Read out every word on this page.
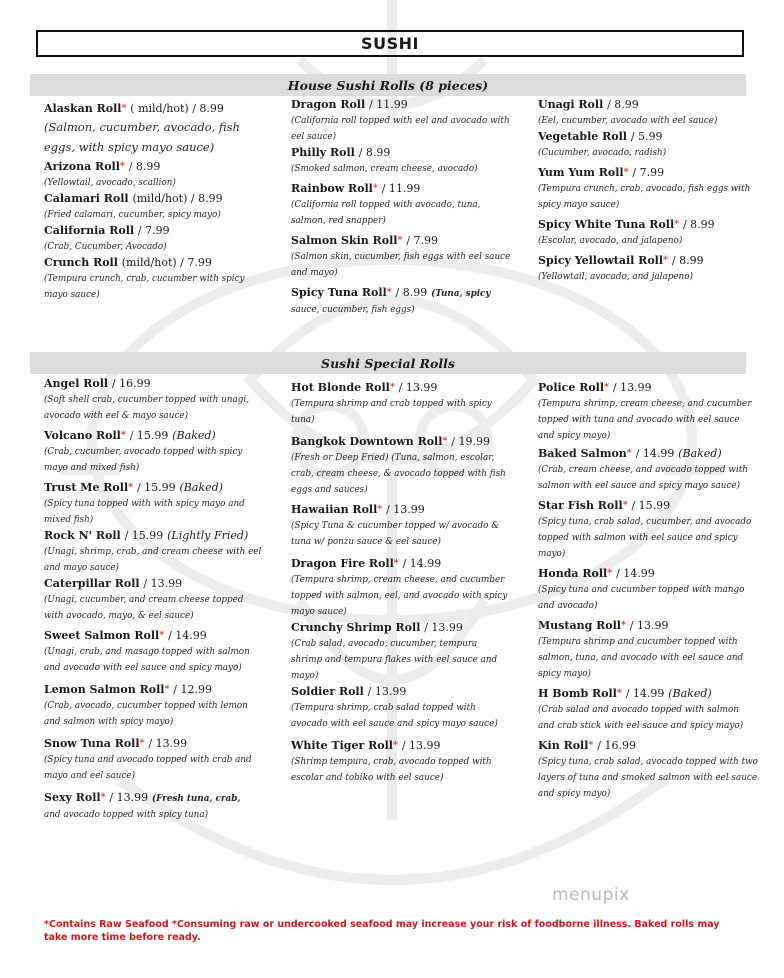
SUSHI
House Sushi Rolls (8 pieces)
Sushi Special Rolls
Alaskan Roll* ( mild/hot) / 8.99
(Salmon, cucumber, avocado, fish eggs, with spicy mayo sauce)
Arizona Roll* / 8.99
(Yellowtail, avocado, scallion)
Calamari Roll (mild/hot) / 8.99
(Fried calamari, cucumber, spicy mayo)
California Roll / 7.99
(Crab, Cucumber, Avocado)
Crunch Roll (mild/hot) / 7.99
(Tempura crunch, crab, cucumber with spicy mayo sauce)
Dragon Roll / 11.99
(California roll topped with eel and avocado with eel sauce)
Philly Roll / 8.99
(Smoked salmon, cream cheese, avocado)
Rainbow Roll* / 11.99
(California roll topped with avocado, tuna, salmon, red snapper)
Salmon Skin Roll* / 7.99
(Salmon skin, cucumber, fish eggs with eel sauce and mayo)
Spicy Tuna Roll* / 8.99 (Tuna, spicy
sauce, cucumber, fish eggs)
Unagi Roll / 8.99
(Eel, cucumber, avocado with eel sauce)
Vegetable Roll / 5.99
(Cucumber, avocado, radish)
Yum Yum Roll* / 7.99
(Tempura crunch, crab, avocado, fish eggs with spicy mayo sauce)
Spicy White Tuna Roll* / 8.99
(Escolar, avocado, and jalapeno)
Spicy Yellowtail Roll* / 8.99
(Yellowtail, avocado, and jalapeno)
Angel Roll / 16.99
(Soft shell crab, cucumber topped with unagi, avocado with eel & mayo sauce)
Volcano Roll* / 15.99 (Baked)
(Crab, cucumber, avocado topped with spicy mayo and mixed fish)
Trust Me Roll* / 15.99 (Baked)
(Spicy tuna topped with with spicy mayo and mixed fish)
Rock N' Roll / 15.99 (Lightly Fried)
(Unagi, shrimp, crab, and cream cheese with eel and mayo sauce)
Caterpillar Roll / 13.99
(Unagi, cucumber, and cream cheese topped with avocado, mayo, & eel sauce)
Sweet Salmon Roll* / 14.99
(Unagi, crab, and masago topped with salmon and avocado with eel sauce and spicy mayo)
Lemon Salmon Roll* / 12.99
(Crab, avocado, cucumber topped with lemon and salmon with spicy mayo)
Snow Tuna Roll* / 13.99
(Spicy tuna and avocado topped with crab and mayo and eel sauce)
Sexy Roll* / 13.99 (Fresh tuna, crab,
and avocado topped with spicy tuna)
Hot Blonde Roll* / 13.99
(Tempura shrimp and crab topped with spicy tuna)
Bangkok Downtown Roll* / 19.99
(Fresh or Deep Fried) (Tuna, salmon, escolar, crab, cream cheese, & avocado topped with fish eggs and sauces)
Hawaiian Roll* / 13.99
(Spicy Tuna & cucumber topped w/ avocado & tuna w/ ponzu sauce & eel sauce)
Dragon Fire Roll* / 14.99
(Tempura shrimp, cream cheese, and cucumber topped with salmon, eel, and avocado with spicy mayo sauce)
Crunchy Shrimp Roll / 13.99
(Crab salad, avocado, cucumber, tempura shrimp and tempura flakes with eel sauce and mayo)
Soldier Roll / 13.99
(Tempura shrimp, crab salad topped with avocado with eel sauce and spicy mayo sauce)
White Tiger Roll* / 13.99
(Shrimp tempura, crab, avocado topped with escolar and tobiko with eel sauce)
Police Roll* / 13.99
(Tempura shrimp, cream cheese, and cucumber topped with tuna and avocado with eel sauce and spicy mayo)
Baked Salmon* / 14.99 (Baked)
(Crab, cream cheese, and avocado topped with salmon with eel sauce and spicy mayo sauce)
Star Fish Roll* / 15.99
(Spicy tuna, crab salad, cucumber, and avocado topped with salmon with eel sauce and spicy mayo)
Honda Roll* / 14.99
(Spicy tuna and cucumber topped with mango and avocado)
Mustang Roll* / 13.99
(Tempura shrimp and cucumber topped with salmon, tuna, and avocado with eel sauce and spicy mayo)
H Bomb Roll* / 14.99 (Baked)
(Crab salad and avocado topped with salmon and crab stick with eel sauce and spicy mayo)
Kin Roll* / 16.99
(Spicy tuna, crab salad, avocado topped with two layers of tuna and smoked salmon with eel sauce and spicy mayo)
*Contains Raw Seafood *Consuming raw or undercooked seafood may increase your risk of foodborne illness. Baked rolls may take more time before ready.
menupix
